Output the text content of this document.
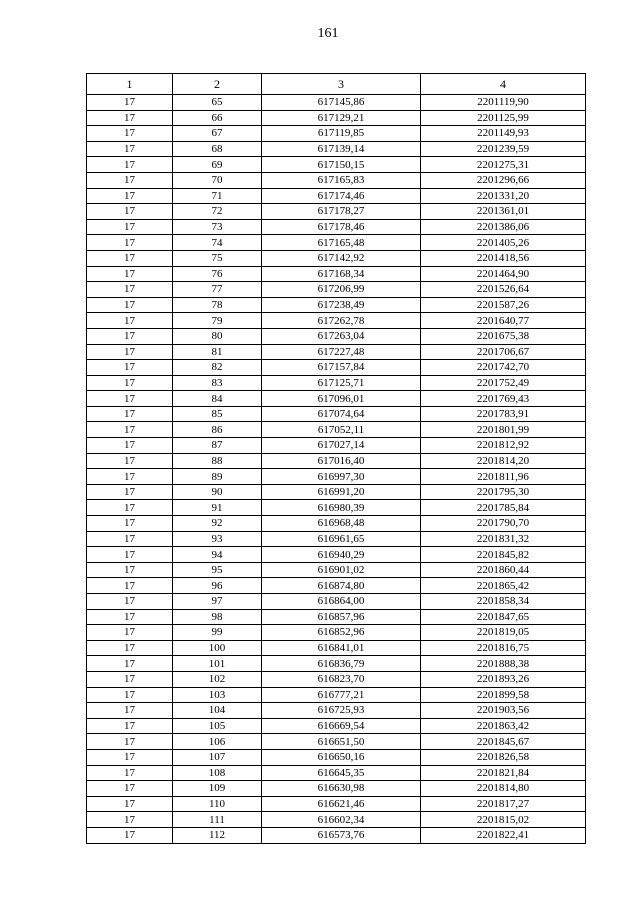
161
1	2	3	4
17	65	617145,86	2201119,90
17	66	617129,21	2201125,99
17	67	617119,85	2201149,93
17	68	617139,14	2201239,59
17	69	617150,15	2201275,31
17	70	617165,83	2201296,66
17	71	617174,46	2201331,20
17	72	617178,27	2201361,01
17	73	617178,46	2201386,06
17	74	617165,48	2201405,26
17	75	617142,92	2201418,56
17	76	617168,34	2201464,90
17	77	617206,99	2201526,64
17	78	617238,49	2201587,26
17	79	617262,78	2201640,77
17	80	617263,04	2201675,38
17	81	617227,48	2201706,67
17	82	617157,84	2201742,70
17	83	617125,71	2201752,49
17	84	617096,01	2201769,43
17	85	617074,64	2201783,91
17	86	617052,11	2201801,99
17	87	617027,14	2201812,92
17	88	617016,40	2201814,20
17	89	616997,30	2201811,96
17	90	616991,20	2201795,30
17	91	616980,39	2201785,84
17	92	616968,48	2201790,70
17	93	616961,65	2201831,32
17	94	616940,29	2201845,82
17	95	616901,02	2201860,44
17	96	616874,80	2201865,42
17	97	616864,00	2201858,34
17	98	616857,96	2201847,65
17	99	616852,96	2201819,05
17	100	616841,01	2201816,75
17	101	616836,79	2201888,38
17	102	616823,70	2201893,26
17	103	616777,21	2201899,58
17	104	616725,93	2201903,56
17	105	616669,54	2201863,42
17	106	616651,50	2201845,67
17	107	616650,16	2201826,58
17	108	616645,35	2201821,84
17	109	616630,98	2201814,80
17	110	616621,46	2201817,27
17	111	616602,34	2201815,02
17	112	616573,76	2201822,41
